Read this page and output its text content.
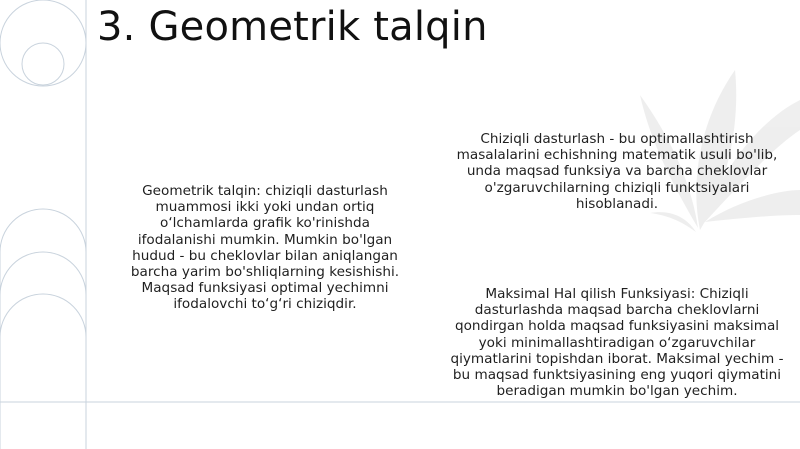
3. Geometrik talqin
Geometrik talqin: chiziqli dasturlash muammosi ikki yoki undan ortiq o‘lchamlarda grafik ko'rinishda ifodalanishi mumkin. Mumkin bo'lgan hudud - bu cheklovlar bilan aniqlangan barcha yarim bo'shliqlarning kesishishi. Maqsad funksiyasi optimal yechimni ifodalovchi to‘g‘ri chiziqdir.
Chiziqli dasturlash - bu optimallashtirish masalalarini echishning matematik usuli bo'lib, unda maqsad funksiya va barcha cheklovlar o'zgaruvchilarning chiziqli funktsiyalari hisoblanadi.
Maksimal Hal qilish Funksiyasi: Chiziqli dasturlashda maqsad barcha cheklovlarni qondirgan holda maqsad funksiyasini maksimal yoki minimallashtiradigan o‘zgaruvchilar qiymatlarini topishdan iborat. Maksimal yechim - bu maqsad funktsiyasining eng yuqori qiymatini beradigan mumkin bo'lgan yechim.
